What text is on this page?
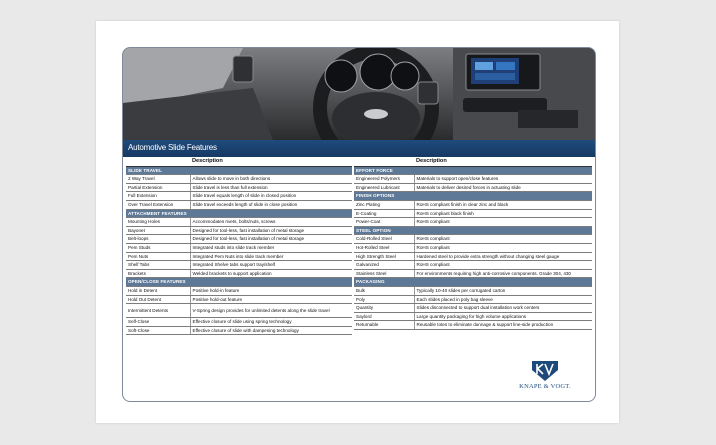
Automotive Slide Features
	Description
SLIDE TRAVEL	
2 Way Travel	Allows slide to move in both directions
Partial Extension	Slide travel is less than full extension
Full Extension	Slide travel equals length of slide in closed position
Over Travel Extension	Slide travel exceeds length of slide in close position
ATTACHMENT FEATURES	
Mounting Holes	Accommodates rivets, bolts/nuts, screws
Bayonet	Designed for tool-less, fast installation of metal storage
Belt-loops	Designed for tool-less, fast installation of metal storage
Pem Studs	Integrated studs into slide track member
Pem Nuts	Integrated Pem Nuts into slide track member
Shelf Tabs	Integrated Shelve tabs support tray/shelf
Brackets	Welded brackets to support application
OPEN/CLOSE FEATURES	
Hold in Detent	Positive hold-in feature
Hold Out Detent	Positive hold-out feature
Intermittent Detents	V-Spring design provides for unlimited detents along the slide travel
Self-Close	Effective closure of slide using spring technology
Soft-Close	Effective closure of slide with dampening technology
	Description
EFFORT FORCE	
Engineered Polymers	Materials to support open/close features
Engineered Lubricant	Materials to deliver desired forces in actuating slide
FINISH OPTIONS	
Zinc Plating	RoHS compliant finish in clear zinc and black
E-Coating	RoHS compliant black finish
Power-Coat	RoHS compliant
STEEL OPTION	
Cold-Rolled Steel	RoHS compliant
Hot-Rolled Steel	RoHS compliant
High Strength Steel	Hardened steel to provide extra strength without changing steel gauge
Galvanized	RoHS compliant
Stainless Steel	For environments requiring high anti-corrosive components. Grade 304, 430
PACKAGING	
Bulk	Typically 10-40 slides per corrugated carton
Poly	Each slides placed in poly bag sleeve
Quantity	Slides disconnected to support dual installation work centers
Saylord	Large quantity packaging for high volume applications
Returnable	Reusable totes to eliminate dunnage & support line-side production
KNAPE & VOGT.
